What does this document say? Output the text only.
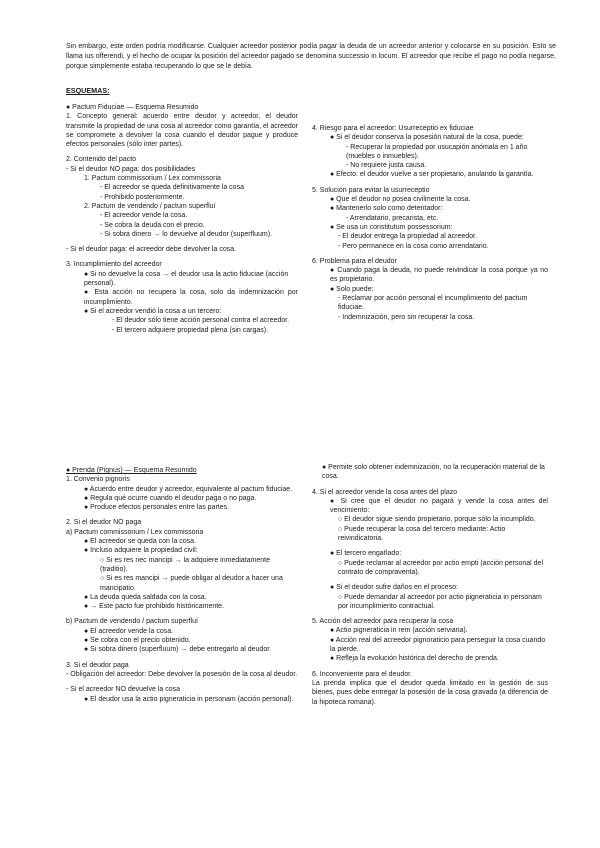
Sin embargo, este orden podría modificarse. Cualquier acreedor posterior podía pagar la deuda de un acreedor anterior y colocarse en su posición. Esto se llama ius offerendi, y el hecho de ocupar la posición del acreedor pagado se denomina successio in locum. El acreedor que recibe el pago no podía negarse, porque simplemente estaba recuperando lo que se le debía.
ESQUEMAS:
● Pactum Fiduciae — Esquema Resumido
1. Concepto general: acuerdo entre deudor y acreedor, el deudor transmite la propiedad de una cosa al acreedor como garantía, el acreedor se compromete a devolver la cosa cuando el deudor pague y produce efectos personales (sólo inter partes).
2. Contenido del pacto
- Si el deudor NO paga: dos posibilidades
1. Pactum commissorium / Lex commissoria
- El acreedor se queda definitivamente la cosa
- Prohibido posteriormente.
2. Pactum de vendendo / pactum superfluí
- El acreedor vende la cosa.
- Se cobra la deuda con el precio.
- Si sobra dinero → lo devuelve al deudor (superfluum).
- Si el deudor paga: el acreedor debe devolver la cosa.
3. Incumplimiento del acreedor
● Si no devuelve la cosa → el deudor usa la actio fiduciae (acción personal).
● Esta acción no recupera la cosa, solo da indemnización por incumplimiento.
● Si el acreedor vendió la cosa a un tercero:
- El deudor sólo tiene acción personal contra el acreedor.
- El tercero adquiere propiedad plena (sin cargas).
4. Riesgo para el acreedor: Usurreceptio ex fiduciae
● Si el deudor conserva la posesión natural de la cosa, puede:
- Recuperar la propiedad por usucapión anómala en 1 año (muebles o inmuebles).
- No requiere justa causa.
● Efecto: el deudor vuelve a ser propietario, anulando la garantía.
5. Solución para evitar la usurreceptio
● Que el deudor no posea civilmente la cosa.
● Mantenerlo solo como detentador:
- Arrendatario, precarista, etc.
● Se usa un constitutum possessorium:
- El deudor entrega la propiedad al acreedor.
- Pero permanece en la cosa como arrendatario.
6. Problema para el deudor
● Cuando paga la deuda, no puede reivindicar la cosa porque ya no es propietario.
● Solo puede:
- Reclamar por acción personal el incumplimiento del pactum fiduciae.
- Indemnización, pero sin recuperar la cosa.
● Prenda (Pignus) — Esquema Resumido
1. Convenio pignoris
● Acuerdo entre deudor y acreedor, equivalente al pactum fiduciae.
● Regula qué ocurre cuando el deudor paga o no paga.
● Produce efectos personales entre las partes.
2. Si el deudor NO paga
a) Pactum commissorium / Lex commissoria
● El acreedor se queda con la cosa.
● Incluso adquiere la propiedad civil:
○ Si es res nec mancipi → la adquiere inmediatamente (traditio).
○ Si es res mancipi → puede obligar al deudor a hacer una mancipatio.
● La deuda queda saldada con la cosa.
● → Este pacto fue prohibido históricamente.
b) Pactum de vendendo / pactum superfluí
● El acreedor vende la cosa.
● Se cobra con el precio obtenido.
● Si sobra dinero (superfluum) → debe entregarlo al deudor.
3. Si el deudor paga
- Obligación del acreedor: Debe devolver la posesión de la cosa al deudor.
- Si el acreedor NO devuelve la cosa
● El deudor usa la actio pigneraticia in personam (acción personal).
● Permite solo obtener indemnización, no la recuperación material de la cosa.
4. Si el acreedor vende la cosa antes del plazo
● Si cree que el deudor no pagará y vende la cosa antes del vencimiento:
○ El deudor sigue siendo propietario, porque sólo la incumplido.
○ Puede recuperar la cosa del tercero mediante: Actio reivindicatoria.
● El tercero engañado:
○ Puede reclamar al acreedor por actio empti (acción personal del contrato de compraventa).
● Si el deudor sufre daños en el proceso:
○ Puede demandar al acreedor por actio pigneraticia in personam por incumplimiento contractual.
5. Acción del acreedor para recuperar la cosa
● Actio pigneraticia in rem (acción serviana).
● Acción real del acreedor pignoraticio para perseguir la cosa cuando la pierde.
● Refleja la evolución histórica del derecho de prenda.
6. Inconveniente para el deudor.
La prenda implica que el deudor queda limitado en la gestión de sus bienes, pues debe entregar la posesión de la cosa gravada (a diferencia de la hipoteca romana).
